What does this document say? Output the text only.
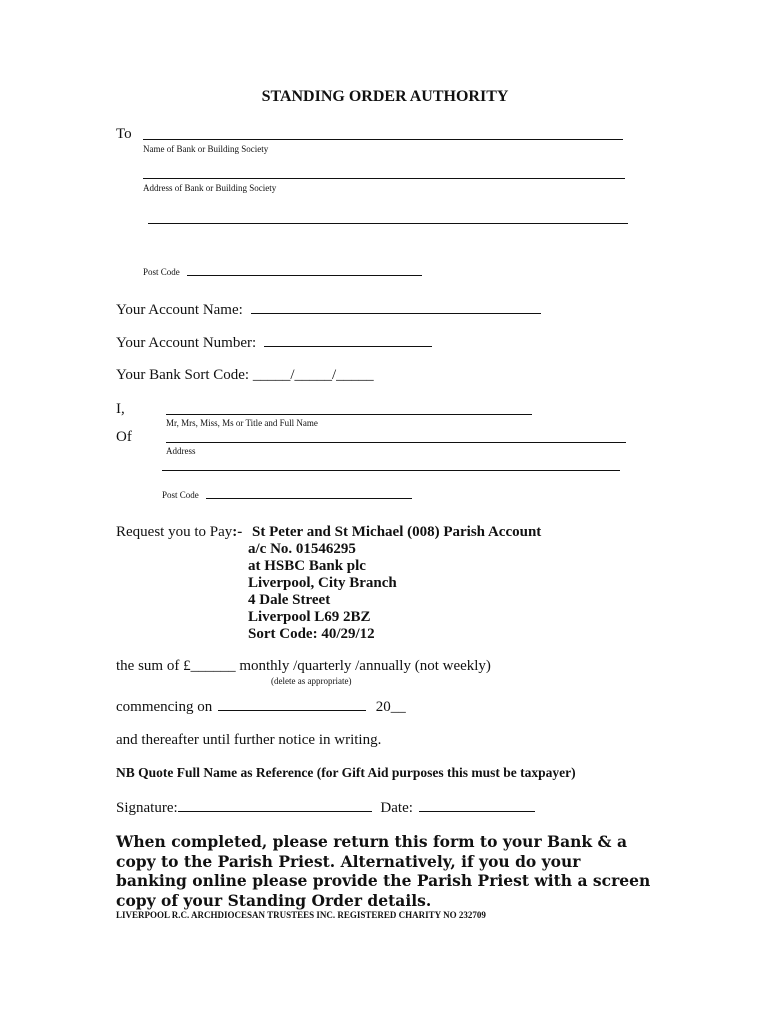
STANDING ORDER AUTHORITY
To
Name of Bank or Building Society
Address of Bank or Building Society
Post Code
Your Account Name:
Your Account Number:
Your Bank Sort Code: _____/_____/_____
I,
Mr, Mrs, Miss, Ms or Title and Full Name
Of
Address
Post Code
Request you to Pay:- St Peter and St Michael (008) Parish Account
a/c No. 01546295
at HSBC Bank plc
Liverpool, City Branch
4 Dale Street
Liverpool L69 2BZ
Sort Code: 40/29/12
the sum of £______ monthly /quarterly /annually (not weekly)
(delete as appropriate)
commencing on	20__
and thereafter until further notice in writing.
NB Quote Full Name as Reference (for Gift Aid purposes this must be taxpayer)
Signature:	Date:
When completed, please return this form to your Bank & a copy to the Parish Priest. Alternatively, if you do your banking online please provide the Parish Priest with a screen copy of your Standing Order details.
LIVERPOOL R.C. ARCHDIOCESAN TRUSTEES INC. REGISTERED CHARITY NO 232709
